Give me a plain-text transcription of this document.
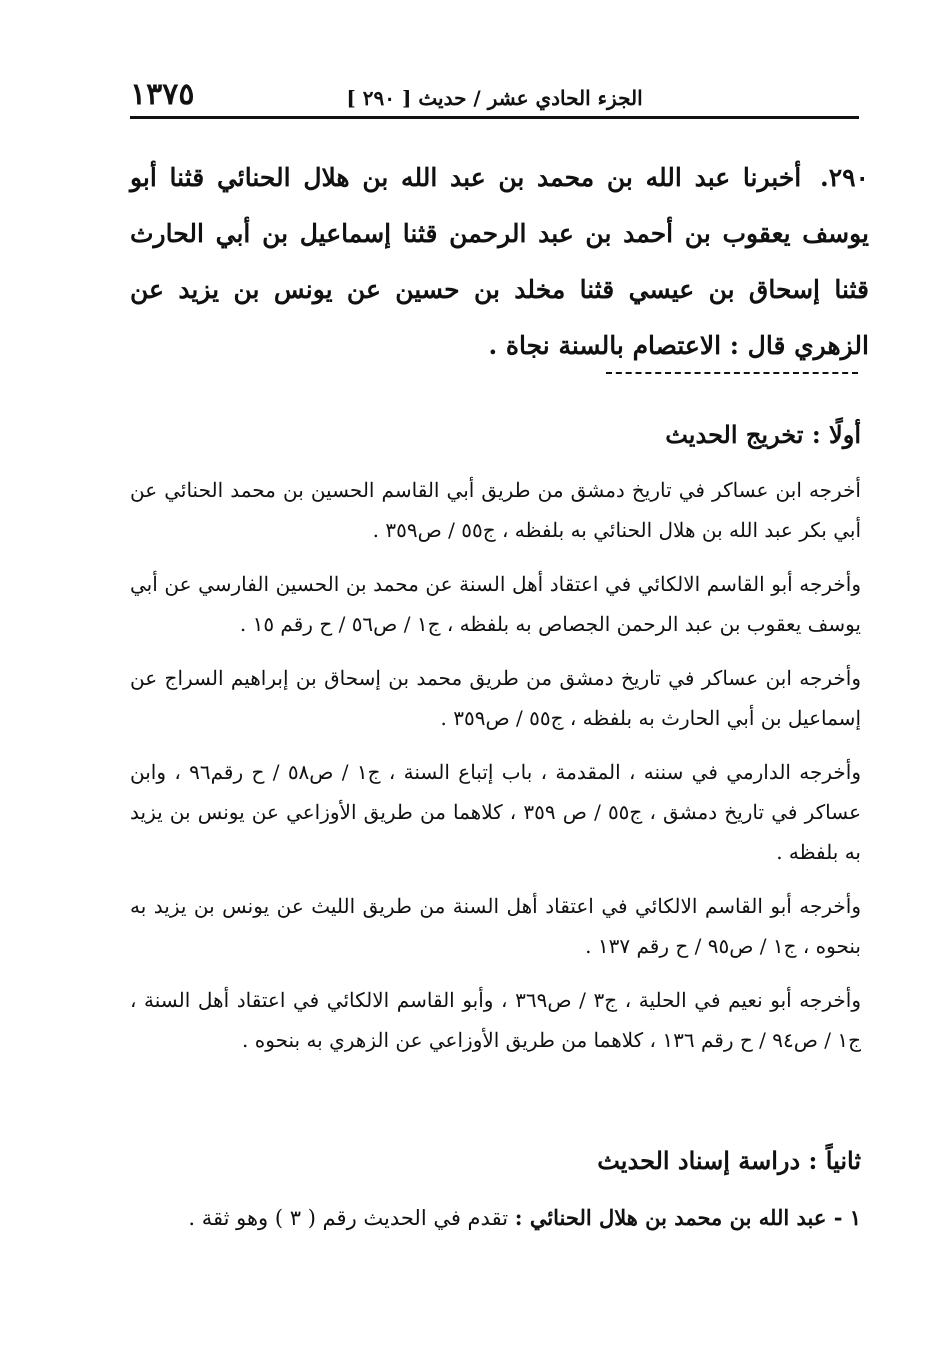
١٣٧٥	الجزء الحادي عشر / حديث [ ٢٩٠ ]
٢٩٠. أخبرنا عبد الله بن محمد بن عبد الله بن هلال الحنائي قثنا أبو يوسف يعقوب بن أحمد بن عبد الرحمن قثنا إسماعيل بن أبي الحارث قثنا إسحاق بن عيسي قثنا مخلد بن حسين عن يونس بن يزيد عن الزهري قال : الاعتصام بالسنة نجاة .
أولًا : تخريج الحديث

أخرجه ابن عساكر في تاريخ دمشق من طريق أبي القاسم الحسين بن محمد الحنائي عن أبي بكر عبد الله بن هلال الحنائي به بلفظه ، ج٥٥ / ص٣٥٩ .

وأخرجه أبو القاسم الالكائي في اعتقاد أهل السنة عن محمد بن الحسين الفارسي عن أبي يوسف يعقوب بن عبد الرحمن الجصاص به بلفظه ، ج١ / ص٥٦ / ح رقم ١٥ .

وأخرجه ابن عساكر في تاريخ دمشق من طريق محمد بن إسحاق بن إبراهيم السراج عن إسماعيل بن أبي الحارث به بلفظه ، ج٥٥ / ص٣٥٩ .

وأخرجه الدارمي في سننه ، المقدمة ، باب إتباع السنة ، ج١ / ص٥٨ / ح رقم٩٦ ، وابن عساكر في تاريخ دمشق ، ج٥٥ / ص ٣٥٩ ، كلاهما من طريق الأوزاعي عن يونس بن يزيد به بلفظه .

وأخرجه أبو القاسم الالكائي في اعتقاد أهل السنة من طريق الليث عن يونس بن يزيد به بنحوه ، ج١ / ص٩٥ / ح رقم ١٣٧ .

وأخرجه أبو نعيم في الحلية ، ج٣ / ص٣٦٩ ، وأبو القاسم الالكائي في اعتقاد أهل السنة ، ج١ / ص٩٤ / ح رقم ١٣٦ ، كلاهما من طريق الأوزاعي عن الزهري به بنحوه .

ثانياً : دراسة إسناد الحديث
١ - عبد الله بن محمد بن هلال الحنائي : تقدم في الحديث رقم ( ٣ ) وهو ثقة .
